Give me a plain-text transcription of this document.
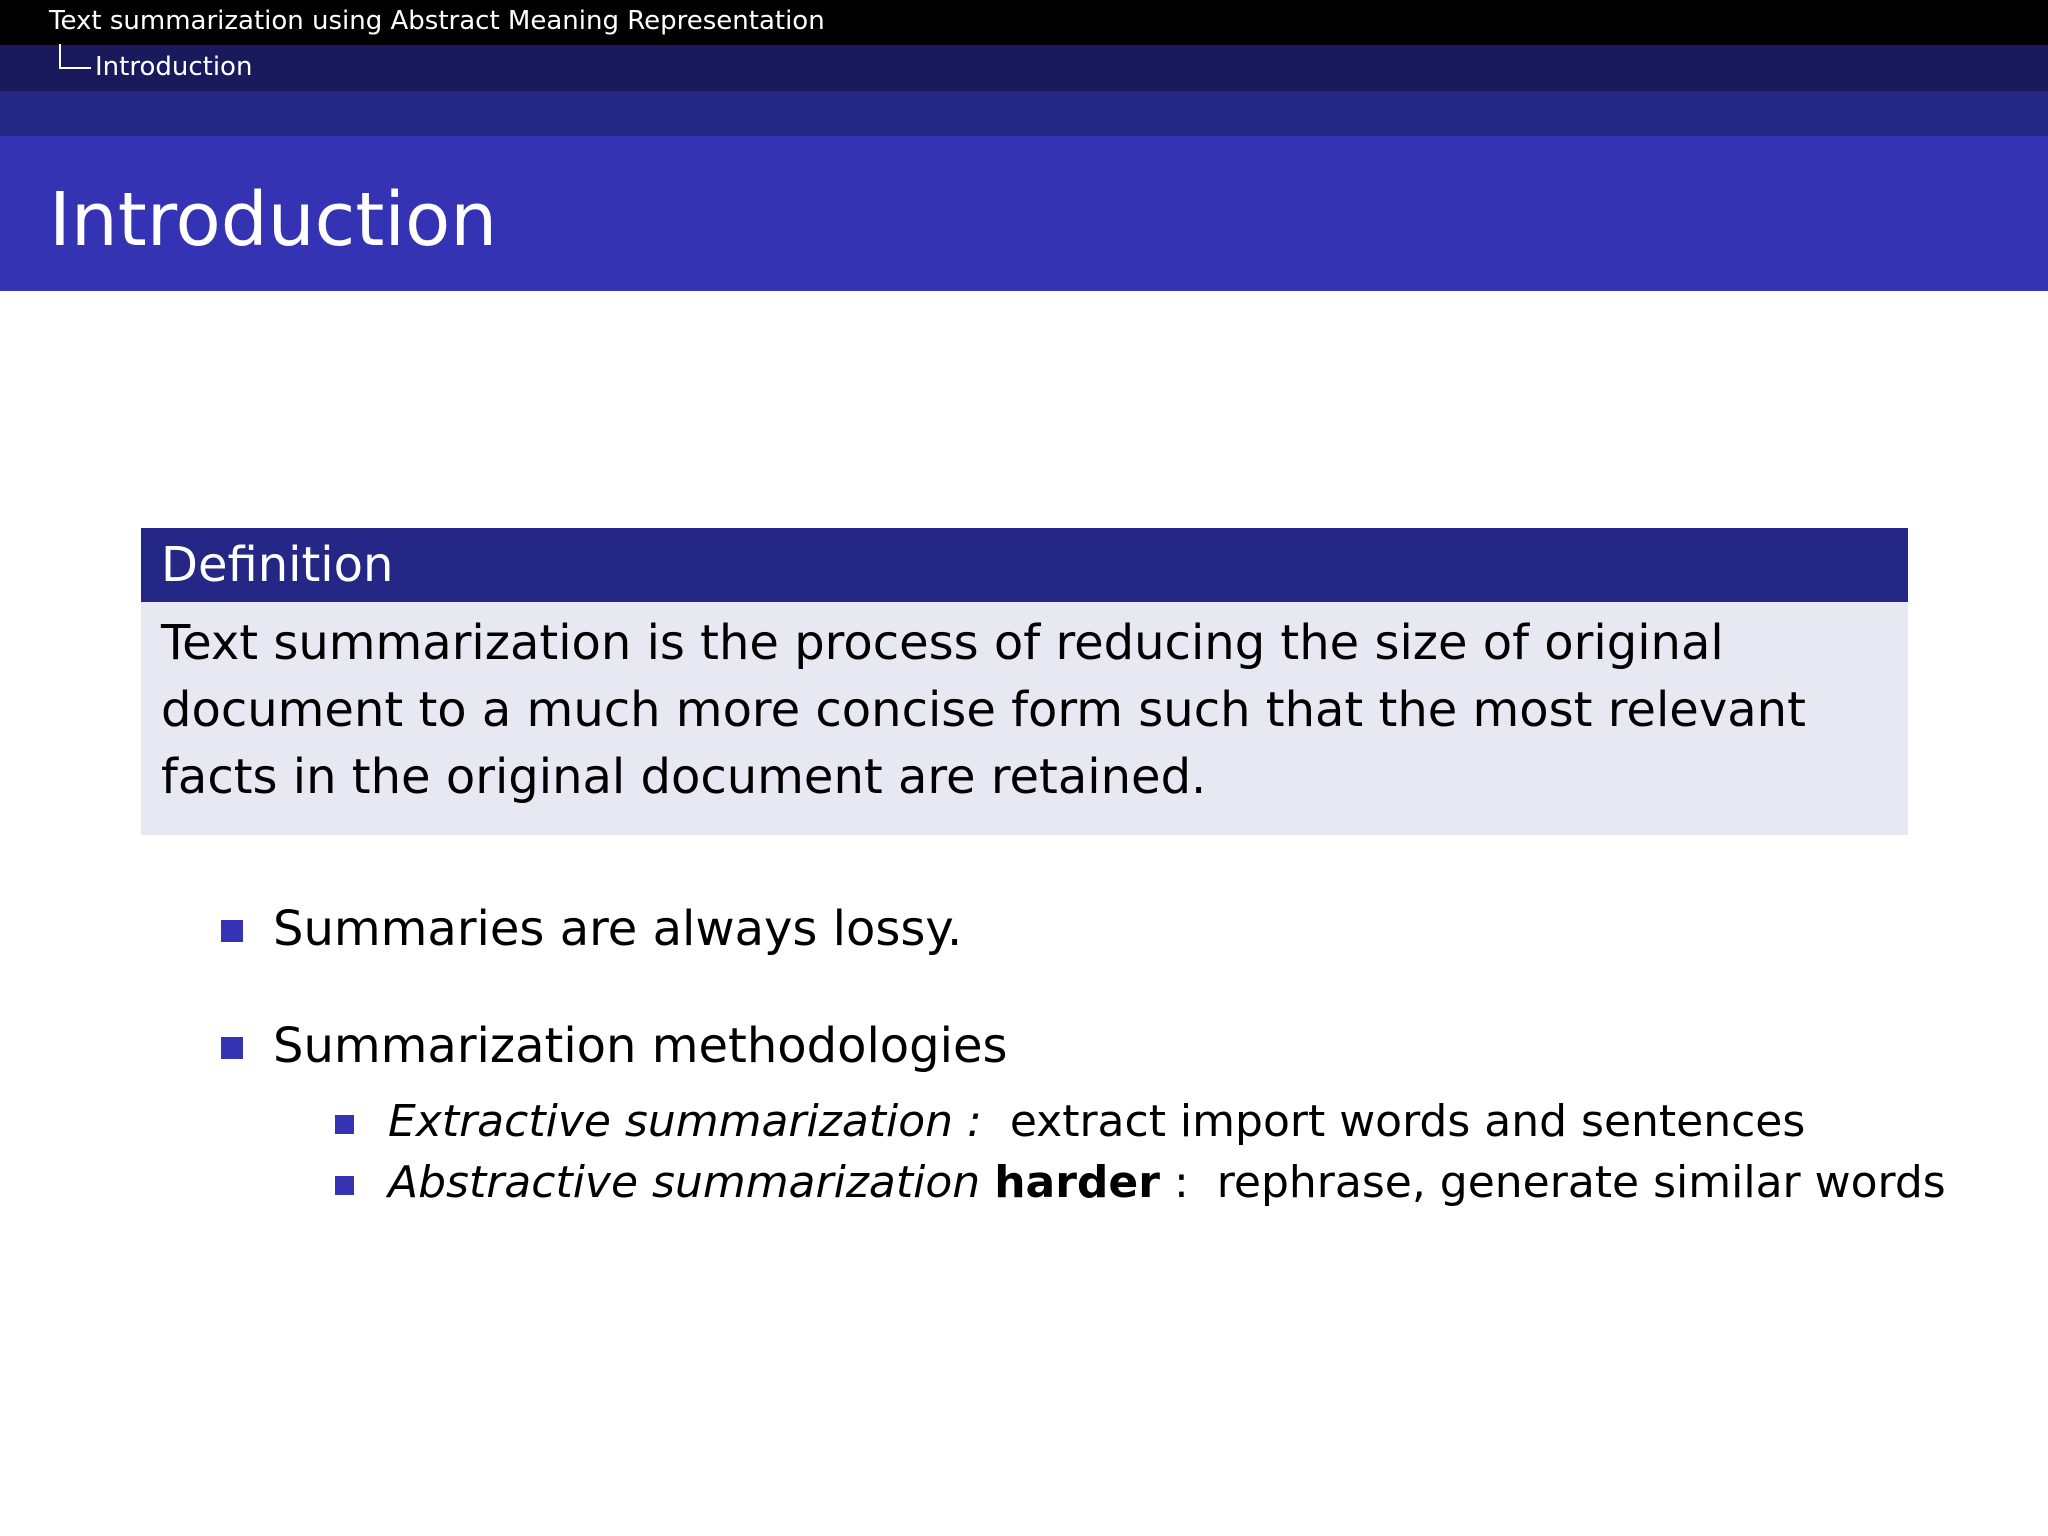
Text summarization using Abstract Meaning Representation
Introduction
Introduction
Definition
Text summarization is the process of reducing the size of original document to a much more concise form such that the most relevant facts in the original document are retained.
Summaries are always lossy.
Summarization methodologies
Extractive summarization : extract import words and sentences
Abstractive summarization harder : rephrase, generate similar words
